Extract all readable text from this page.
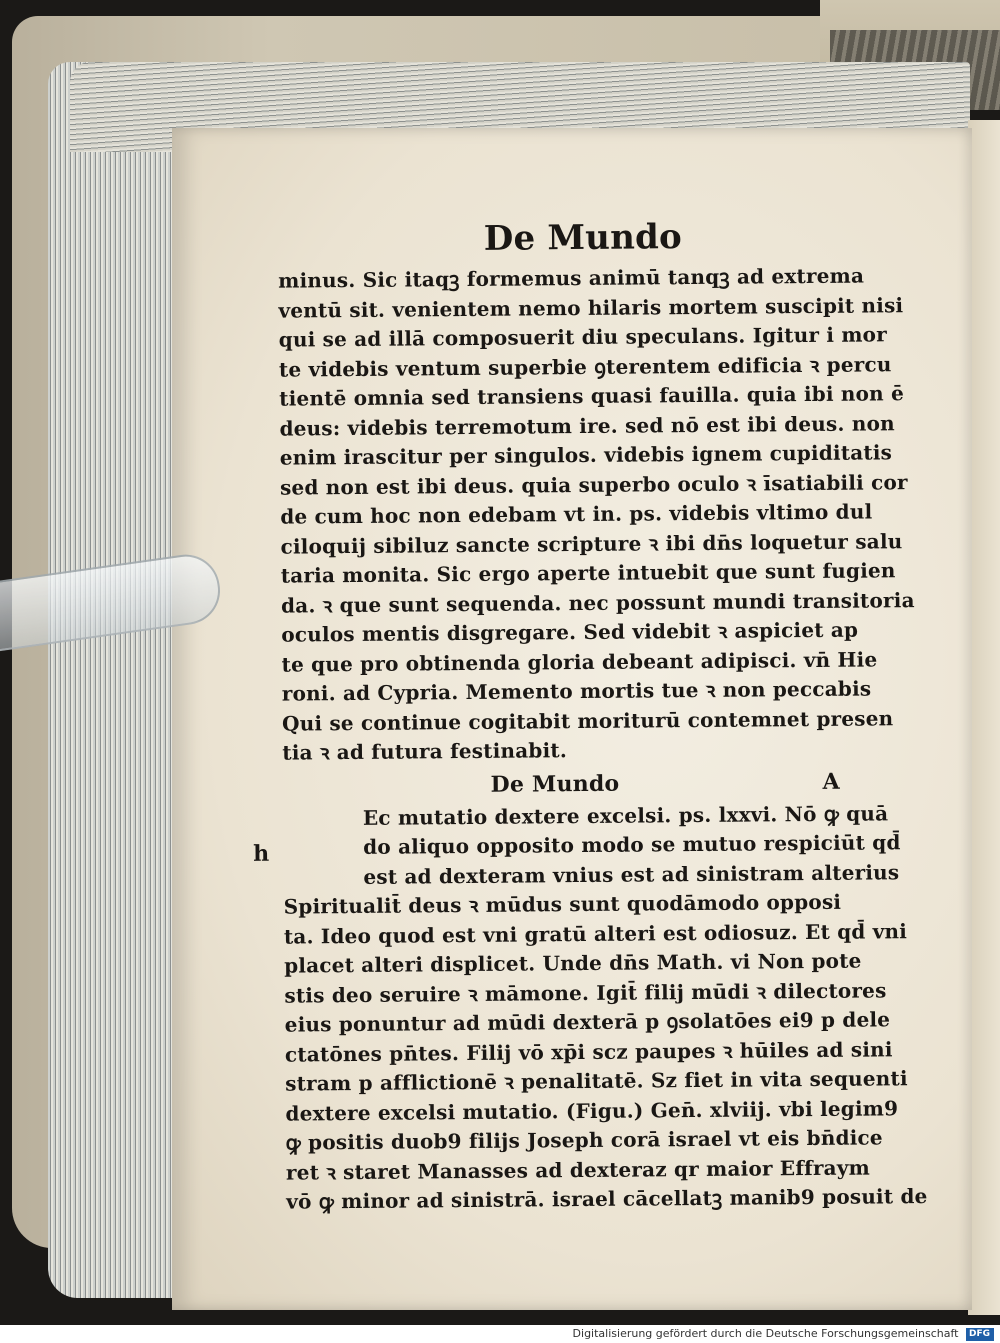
De Mundo
minus. Sic itaqꝫ formemus animū tanqꝫ ad extrema
ventū sit. venientem nemo hilaris mortem suscipit nisi
qui se ad illā composuerit diu speculans. Igitur i mor
te videbis ventum superbie ꝯterentem edificia ꝛ percu
tientē omnia sed transiens quasi fauilla. quia ibi non ē
deus: videbis terremotum ire. sed nō est ibi deus. non
enim irascitur per singulos. videbis ignem cupiditatis
sed non est ibi deus. quia superbo oculo ꝛ īsatiabili cor
de cum hoc non edebam vt in. ps. videbis vltimo dul
ciloquij sibiluz sancte scripture ꝛ ibi dn̄s loquetur salu
taria monita. Sic ergo aperte intuebit que sunt fugien
da. ꝛ que sunt sequenda. nec possunt mundi transitoria
oculos mentis disgregare. Sed videbit ꝛ aspiciet ap
te que pro obtinenda gloria debeant adipisci. vn̄ Hie
roni. ad Cypria. Memento mortis tue ꝛ non peccabis
Qui se continue cogitabit moriturū contemnet presen
tia ꝛ ad futura festinabit.
De Mundo	A
h
Ec mutatio dextere excelsi. ps. lxxvi. Nō ꝙ quā
do aliquo opposito modo se mutuo respiciūt qd̄
est ad dexteram vnius est ad sinistram alterius
Spiritualit̄ deus ꝛ mūdus sunt quodāmodo opposi
ta. Ideo quod est vni gratū alteri est odiosuz. Et qd̄ vni
placet alteri displicet. Unde dn̄s Math. vi Non pote
stis deo seruire ꝛ māmone. Igit̄ filij mūdi ꝛ dilectores
eius ponuntur ad mūdi dexterā p ꝯsolatōes ei9 p dele
ctatōnes pn̄tes. Filij vō xp̄i scz paupes ꝛ hūiles ad sini
stram p afflictionē ꝛ penalitatē. Sz fiet in vita sequenti
dextere excelsi mutatio. (Figu.) Gen̄. xlviij. vbi legim9
ꝙ positis duob9 filijs Joseph corā israel vt eis bn̄dice
ret ꝛ staret Manasses ad dexteraz qr maior Effraym
vō ꝙ minor ad sinistrā. israel cācellatꝫ manib9 posuit de
Digitalisierung gefördert durch die Deutsche Forschungsgemeinschaft DFG
